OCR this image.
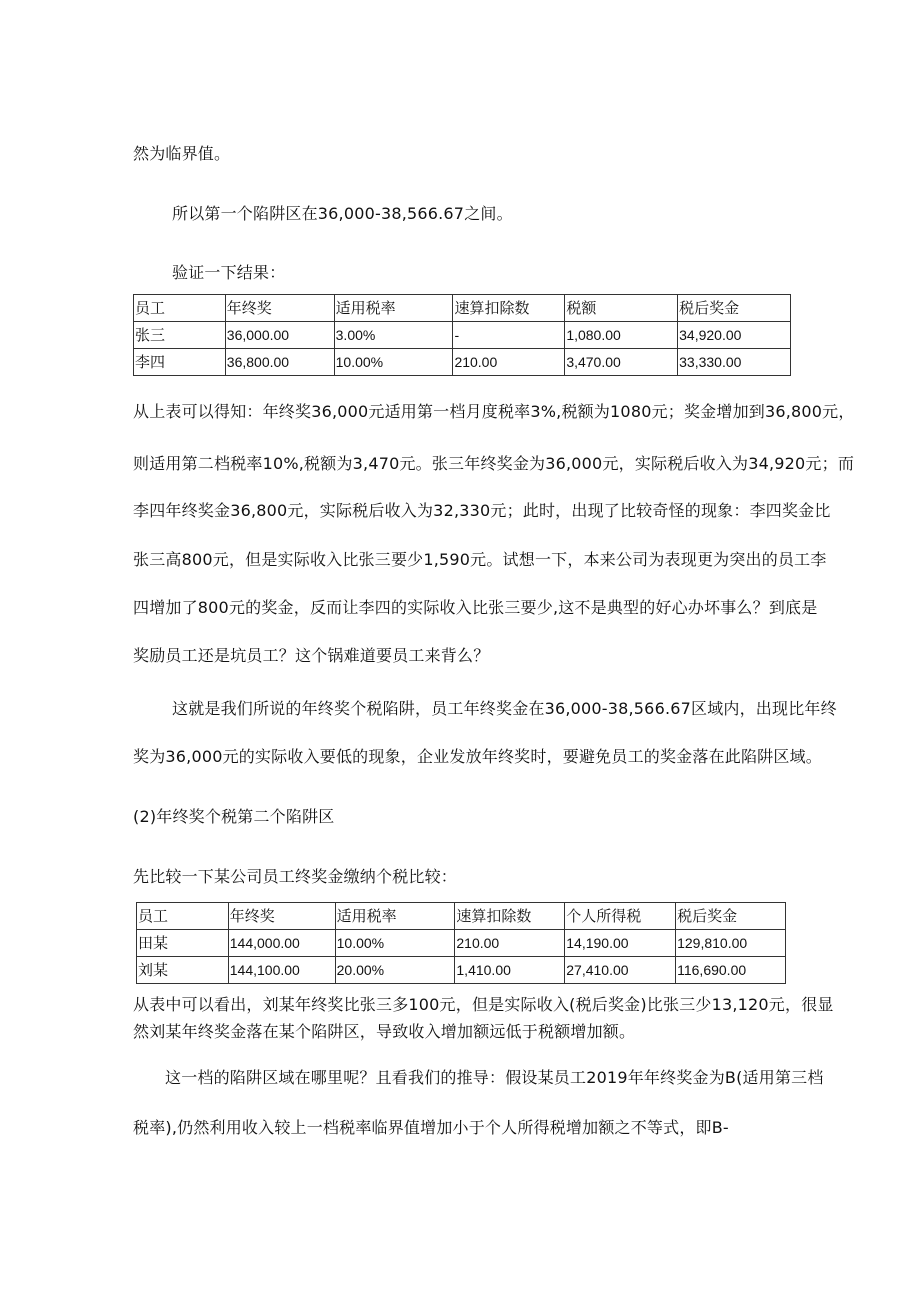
然为临界值。
所以第一个陷阱区在36,000-38,566.67之间。
验证一下结果：
员工	年终奖	适用税率	速算扣除数	税额	税后奖金
张三	36,000.00	3.00%	-	1,080.00	34,920.00
李四	36,800.00	10.00%	210.00	3,470.00	33,330.00
从上表可以得知：年终奖36,000元适用第一档月度税率3%,税额为1080元；奖金增加到36,800元，
则适用第二档税率10%,税额为3,470元。张三年终奖金为36,000元，实际税后收入为34,920元；而
李四年终奖金36,800元，实际税后收入为32,330元；此时，出现了比较奇怪的现象：李四奖金比
张三高800元，但是实际收入比张三要少1,590元。试想一下，本来公司为表现更为突出的员工李
四增加了800元的奖金，反而让李四的实际收入比张三要少,这不是典型的好心办坏事么？到底是
奖励员工还是坑员工？这个锅难道要员工来背么？
这就是我们所说的年终奖个税陷阱，员工年终奖金在36,000-38,566.67区域内，出现比年终
奖为36,000元的实际收入要低的现象，企业发放年终奖时，要避免员工的奖金落在此陷阱区域。
(2)年终奖个税第二个陷阱区
先比较一下某公司员工终奖金缴纳个税比较：
员工	年终奖	适用税率	速算扣除数	个人所得税	税后奖金
田某	144,000.00	10.00%	210.00	14,190.00	129,810.00
刘某	144,100.00	20.00%	1,410.00	27,410.00	116,690.00
从表中可以看出，刘某年终奖比张三多100元，但是实际收入(税后奖金)比张三少13,120元，很显
然刘某年终奖金落在某个陷阱区，导致收入增加额远低于税额增加额。
这一档的陷阱区域在哪里呢？且看我们的推导：假设某员工2019年年终奖金为B(适用第三档
税率),仍然利用收入较上一档税率临界值增加小于个人所得税增加额之不等式，即B-
